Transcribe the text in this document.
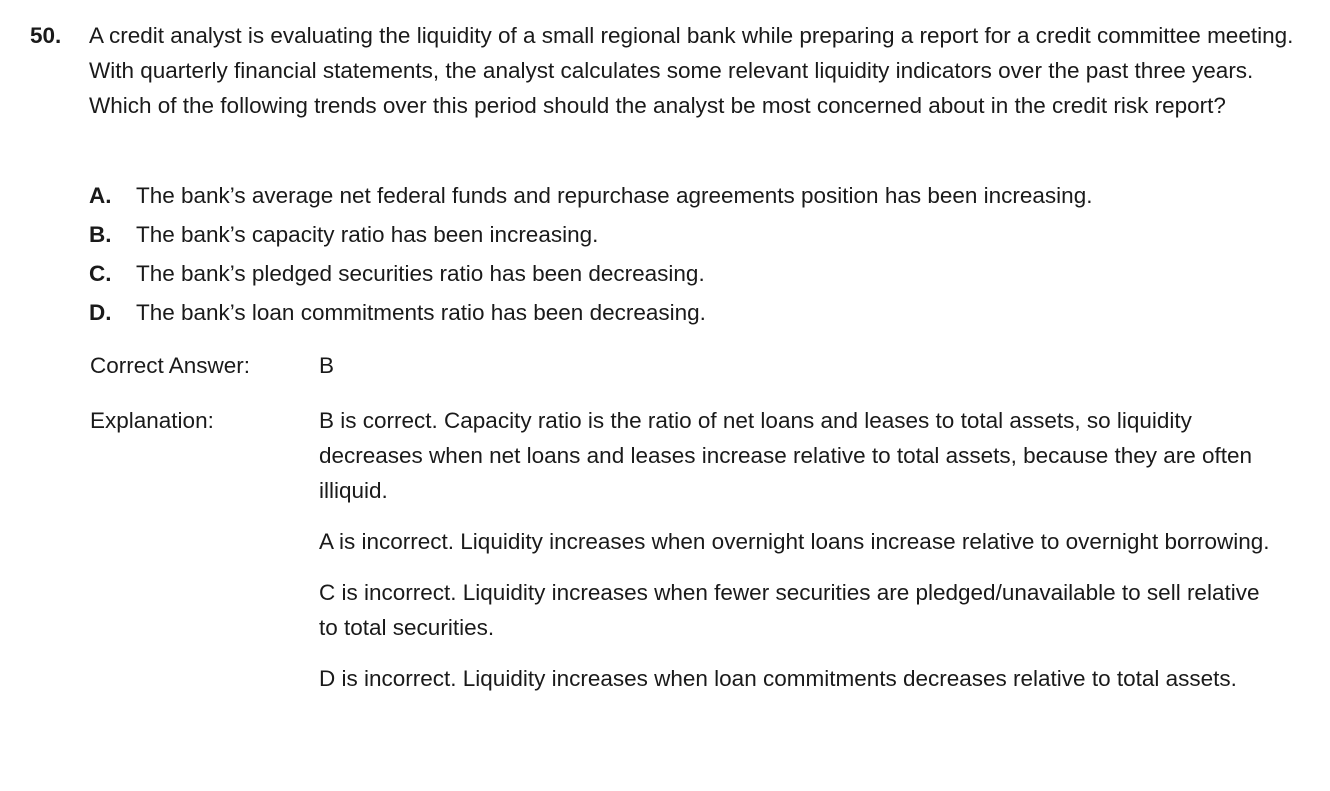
50. A credit analyst is evaluating the liquidity of a small regional bank while preparing a report for a credit committee meeting. With quarterly financial statements, the analyst calculates some relevant liquidity indicators over the past three years. Which of the following trends over this period should the analyst be most concerned about in the credit risk report?
A.	The bank’s average net federal funds and repurchase agreements position has been increasing.
B.	The bank’s capacity ratio has been increasing.
C.	The bank’s pledged securities ratio has been decreasing.
D.	The bank’s loan commitments ratio has been decreasing.
Correct Answer:	B
Explanation:	B is correct. Capacity ratio is the ratio of net loans and leases to total assets, so liquidity decreases when net loans and leases increase relative to total assets, because they are often illiquid.

A is incorrect. Liquidity increases when overnight loans increase relative to overnight borrowing.

C is incorrect. Liquidity increases when fewer securities are pledged/unavailable to sell relative to total securities.

D is incorrect. Liquidity increases when loan commitments decreases relative to total assets.
